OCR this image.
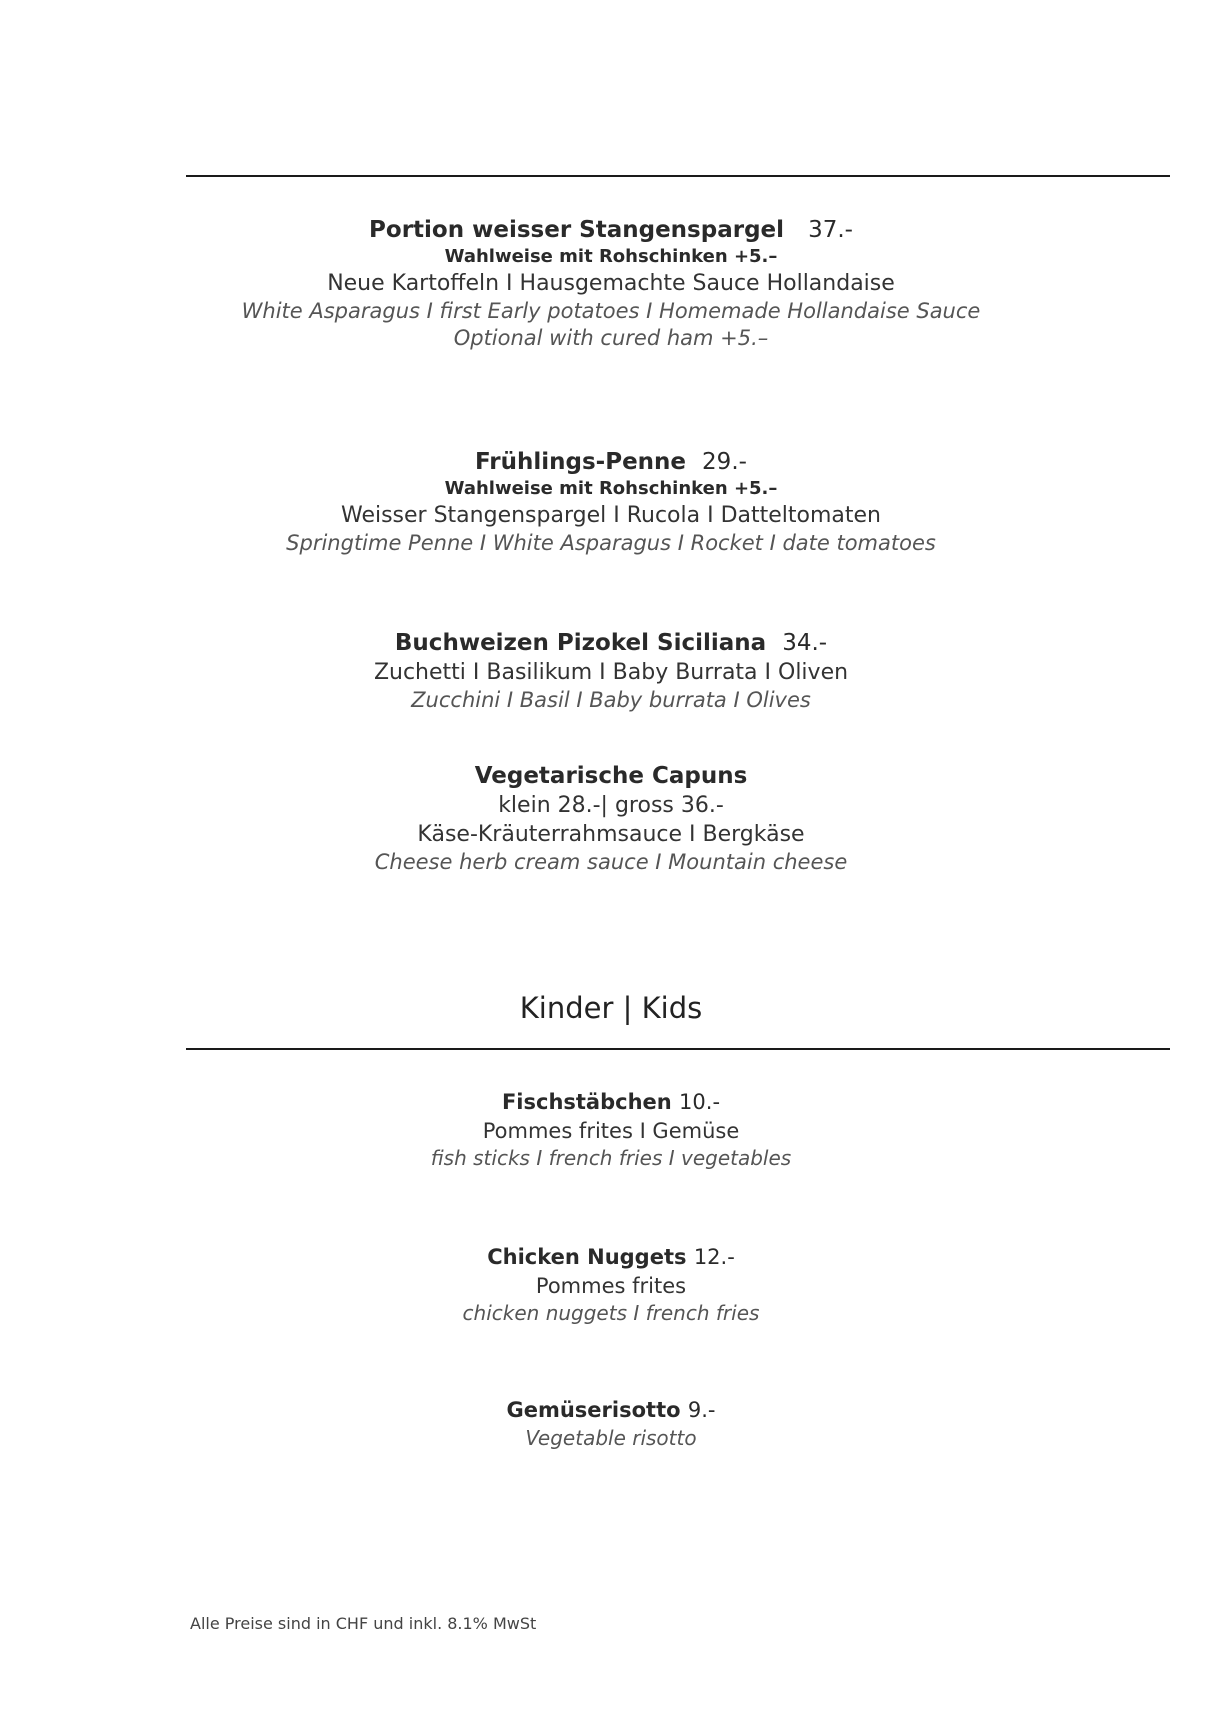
Portion weisser Stangenspargel 37.-
Wahlweise mit Rohschinken +5.–
Neue Kartoffeln I Hausgemachte Sauce Hollandaise
White Asparagus I first Early potatoes I Homemade Hollandaise Sauce
Optional with cured ham +5.–
Frühlings-Penne 29.-
Wahlweise mit Rohschinken +5.–
Weisser Stangenspargel I Rucola I Datteltomaten
Springtime Penne I White Asparagus I Rocket I date tomatoes
Buchweizen Pizokel Siciliana 34.-
Zuchetti I Basilikum I Baby Burrata I Oliven
Zucchini I Basil I Baby burrata I Olives
Vegetarische Capuns
klein 28.-| gross 36.-
Käse-Kräuterrahmsauce I Bergkäse
Cheese herb cream sauce I Mountain cheese
Kinder | Kids
Fischstäbchen 10.-
Pommes frites I Gemüse
fish sticks I french fries I vegetables
Chicken Nuggets 12.-
Pommes frites
chicken nuggets I french fries
Gemüserisotto 9.-
Vegetable risotto
Alle Preise sind in CHF und inkl. 8.1% MwSt
